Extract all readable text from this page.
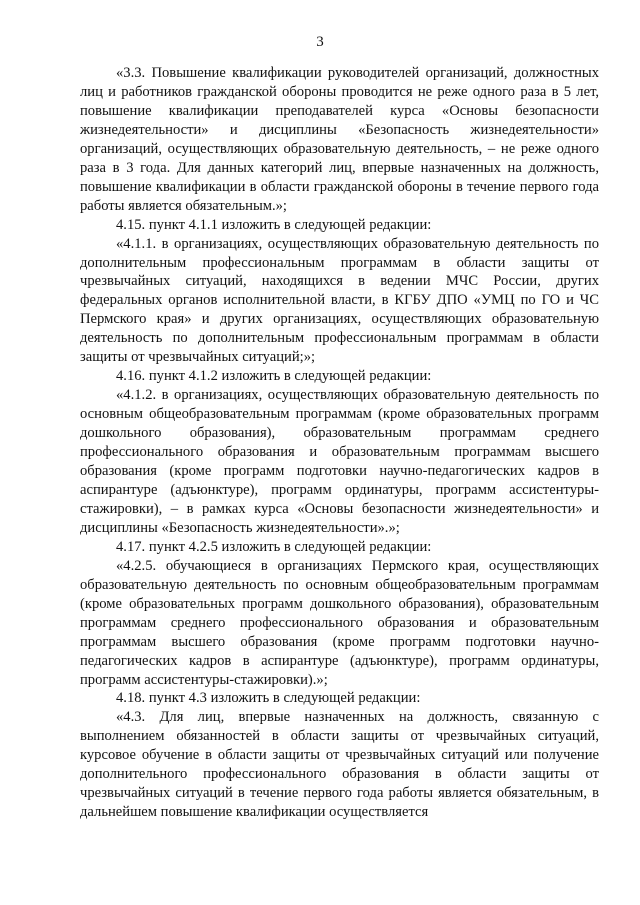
3

«3.3. Повышение квалификации руководителей организаций, должностных лиц и работников гражданской обороны проводится не реже одного раза в 5 лет, повышение квалификации преподавателей курса «Основы безопасности жизнедеятельности» и дисциплины «Безопасность жизнедеятельности» организаций, осуществляющих образовательную деятельность, – не реже одного раза в 3 года. Для данных категорий лиц, впервые назначенных на должность, повышение квалификации в области гражданской обороны в течение первого года работы является обязательным.»;

4.15. пункт 4.1.1 изложить в следующей редакции:

«4.1.1. в организациях, осуществляющих образовательную деятельность по дополнительным профессиональным программам в области защиты от чрезвычайных ситуаций, находящихся в ведении МЧС России, других федеральных органов исполнительной власти, в КГБУ ДПО «УМЦ по ГО и ЧС Пермского края» и других организациях, осуществляющих образовательную деятельность по дополнительным профессиональным программам в области защиты от чрезвычайных ситуаций;»;

4.16. пункт 4.1.2 изложить в следующей редакции:

«4.1.2. в организациях, осуществляющих образовательную деятельность по основным общеобразовательным программам (кроме образовательных программ дошкольного образования), образовательным программам среднего профессионального образования и образовательным программам высшего образования (кроме программ подготовки научно-педагогических кадров в аспирантуре (адъюнктуре), программ ординатуры, программ ассистентуры-стажировки), – в рамках курса «Основы безопасности жизнедеятельности» и дисциплины «Безопасность жизнедеятельности».»;

4.17. пункт 4.2.5 изложить в следующей редакции:

«4.2.5. обучающиеся в организациях Пермского края, осуществляющих образовательную деятельность по основным общеобразовательным программам (кроме образовательных программ дошкольного образования), образовательным программам среднего профессионального образования и образовательным программам высшего образования (кроме программ подготовки научно-педагогических кадров в аспирантуре (адъюнктуре), программ ординатуры, программ ассистентуры-стажировки).»;

4.18. пункт 4.3 изложить в следующей редакции:

«4.3. Для лиц, впервые назначенных на должность, связанную с выполнением обязанностей в области защиты от чрезвычайных ситуаций, курсовое обучение в области защиты от чрезвычайных ситуаций или получение дополнительного профессионального образования в области защиты от чрезвычайных ситуаций в течение первого года работы является обязательным, в дальнейшем повышение квалификации осуществляется
